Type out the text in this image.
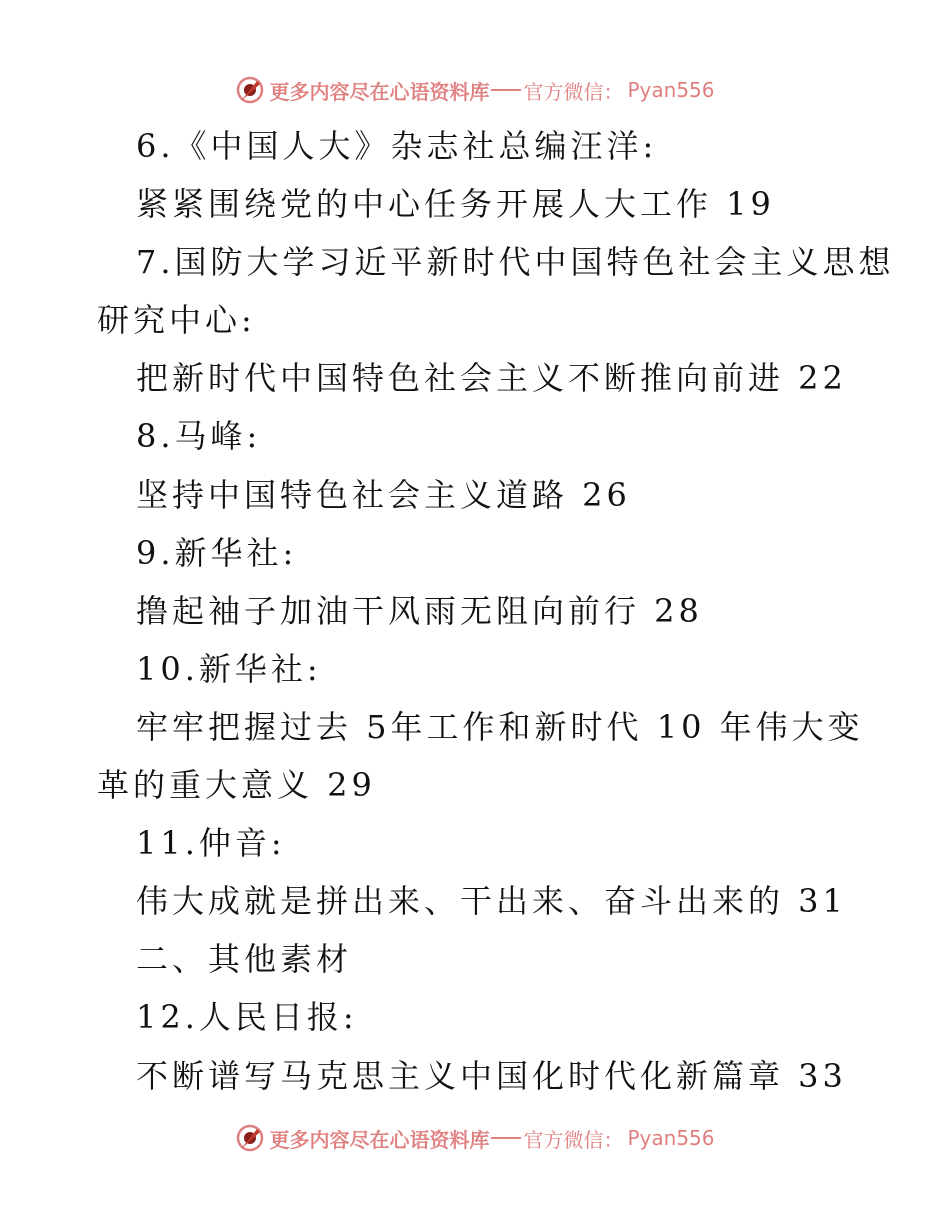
更多内容尽在心语资料库 官方微信： Pyan556
6.《中国人大》杂志社总编汪洋:
紧紧围绕党的中心任务开展人大工作 19
7.国防大学习近平新时代中国特色社会主义思想
研究中心:
把新时代中国特色社会主义不断推向前进 22
8.马峰:
坚持中国特色社会主义道路 26
9.新华社:
撸起袖子加油干风雨无阻向前行 28
10.新华社:
牢牢把握过去 5年工作和新时代 10 年伟大变
革的重大意义 29
11.仲音:
伟大成就是拼出来、干出来、奋斗出来的 31
二、其他素材
12.人民日报:
不断谱写马克思主义中国化时代化新篇章 33
更多内容尽在心语资料库 官方微信： Pyan556
